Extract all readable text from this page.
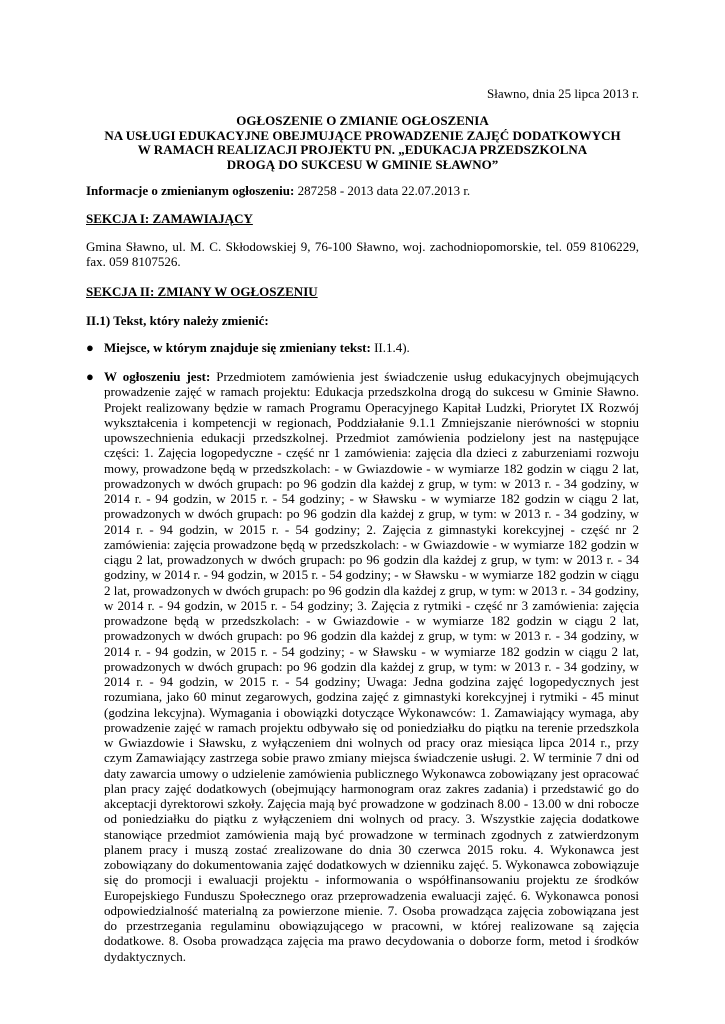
Sławno, dnia 25 lipca 2013 r.
OGŁOSZENIE O ZMIANIE OGŁOSZENIA
NA USŁUGI EDUKACYJNE OBEJMUJĄCE PROWADZENIE ZAJĘĆ DODATKOWYCH
W RAMACH REALIZACJI PROJEKTU PN. „EDUKACJA PRZEDSZKOLNA
DROGĄ DO SUKCESU W GMINIE SŁAWNO”
Informacje o zmienianym ogłoszeniu: 287258 - 2013 data 22.07.2013 r.
SEKCJA I: ZAMAWIAJĄCY
Gmina Sławno, ul. M. C. Skłodowskiej 9, 76-100 Sławno, woj. zachodniopomorskie, tel. 059 8106229, fax. 059 8107526.
SEKCJA II: ZMIANY W OGŁOSZENIU
II.1) Tekst, który należy zmienić:
● Miejsce, w którym znajduje się zmieniany tekst: II.1.4).
● W ogłoszeniu jest: Przedmiotem zamówienia jest świadczenie usług edukacyjnych obejmujących prowadzenie zajęć w ramach projektu: Edukacja przedszkolna drogą do sukcesu w Gminie Sławno. Projekt realizowany będzie w ramach Programu Operacyjnego Kapitał Ludzki, Priorytet IX Rozwój wykształcenia i kompetencji w regionach, Poddziałanie 9.1.1 Zmniejszanie nierówności w stopniu upowszechnienia edukacji przedszkolnej. Przedmiot zamówienia podzielony jest na następujące części: 1. Zajęcia logopedyczne - część nr 1 zamówienia: zajęcia dla dzieci z zaburzeniami rozwoju mowy, prowadzone będą w przedszkolach: - w Gwiazdowie - w wymiarze 182 godzin w ciągu 2 lat, prowadzonych w dwóch grupach: po 96 godzin dla każdej z grup, w tym: w 2013 r. - 34 godziny, w 2014 r. - 94 godzin, w 2015 r. - 54 godziny; - w Sławsku - w wymiarze 182 godzin w ciągu 2 lat, prowadzonych w dwóch grupach: po 96 godzin dla każdej z grup, w tym: w 2013 r. - 34 godziny, w 2014 r. - 94 godzin, w 2015 r. - 54 godziny; 2. Zajęcia z gimnastyki korekcyjnej - część nr 2 zamówienia: zajęcia prowadzone będą w przedszkolach: - w Gwiazdowie - w wymiarze 182 godzin w ciągu 2 lat, prowadzonych w dwóch grupach: po 96 godzin dla każdej z grup, w tym: w 2013 r. - 34 godziny, w 2014 r. - 94 godzin, w 2015 r. - 54 godziny; - w Sławsku - w wymiarze 182 godzin w ciągu 2 lat, prowadzonych w dwóch grupach: po 96 godzin dla każdej z grup, w tym: w 2013 r. - 34 godziny, w 2014 r. - 94 godzin, w 2015 r. - 54 godziny; 3. Zajęcia z rytmiki - część nr 3 zamówienia: zajęcia prowadzone będą w przedszkolach: - w Gwiazdowie - w wymiarze 182 godzin w ciągu 2 lat, prowadzonych w dwóch grupach: po 96 godzin dla każdej z grup, w tym: w 2013 r. - 34 godziny, w 2014 r. - 94 godzin, w 2015 r. - 54 godziny; - w Sławsku - w wymiarze 182 godzin w ciągu 2 lat, prowadzonych w dwóch grupach: po 96 godzin dla każdej z grup, w tym: w 2013 r. - 34 godziny, w 2014 r. - 94 godzin, w 2015 r. - 54 godziny; Uwaga: Jedna godzina zajęć logopedycznych jest rozumiana, jako 60 minut zegarowych, godzina zajęć z gimnastyki korekcyjnej i rytmiki - 45 minut (godzina lekcyjna). Wymagania i obowiązki dotyczące Wykonawców: 1. Zamawiający wymaga, aby prowadzenie zajęć w ramach projektu odbywało się od poniedziałku do piątku na terenie przedszkola w Gwiazdowie i Sławsku, z wyłączeniem dni wolnych od pracy oraz miesiąca lipca 2014 r., przy czym Zamawiający zastrzega sobie prawo zmiany miejsca świadczenie usługi. 2. W terminie 7 dni od daty zawarcia umowy o udzielenie zamówienia publicznego Wykonawca zobowiązany jest opracować plan pracy zajęć dodatkowych (obejmujący harmonogram oraz zakres zadania) i przedstawić go do akceptacji dyrektorowi szkoły. Zajęcia mają być prowadzone w godzinach 8.00 - 13.00 w dni robocze od poniedziałku do piątku z wyłączeniem dni wolnych od pracy. 3. Wszystkie zajęcia dodatkowe stanowiące przedmiot zamówienia mają być prowadzone w terminach zgodnych z zatwierdzonym planem pracy i muszą zostać zrealizowane do dnia 30 czerwca 2015 roku. 4. Wykonawca jest zobowiązany do dokumentowania zajęć dodatkowych w dzienniku zajęć. 5. Wykonawca zobowiązuje się do promocji i ewaluacji projektu - informowania o współfinansowaniu projektu ze środków Europejskiego Funduszu Społecznego oraz przeprowadzenia ewaluacji zajęć. 6. Wykonawca ponosi odpowiedzialność materialną za powierzone mienie. 7. Osoba prowadząca zajęcia zobowiązana jest do przestrzegania regulaminu obowiązującego w pracowni, w której realizowane są zajęcia dodatkowe. 8. Osoba prowadząca zajęcia ma prawo decydowania o doborze form, metod i środków dydaktycznych.
